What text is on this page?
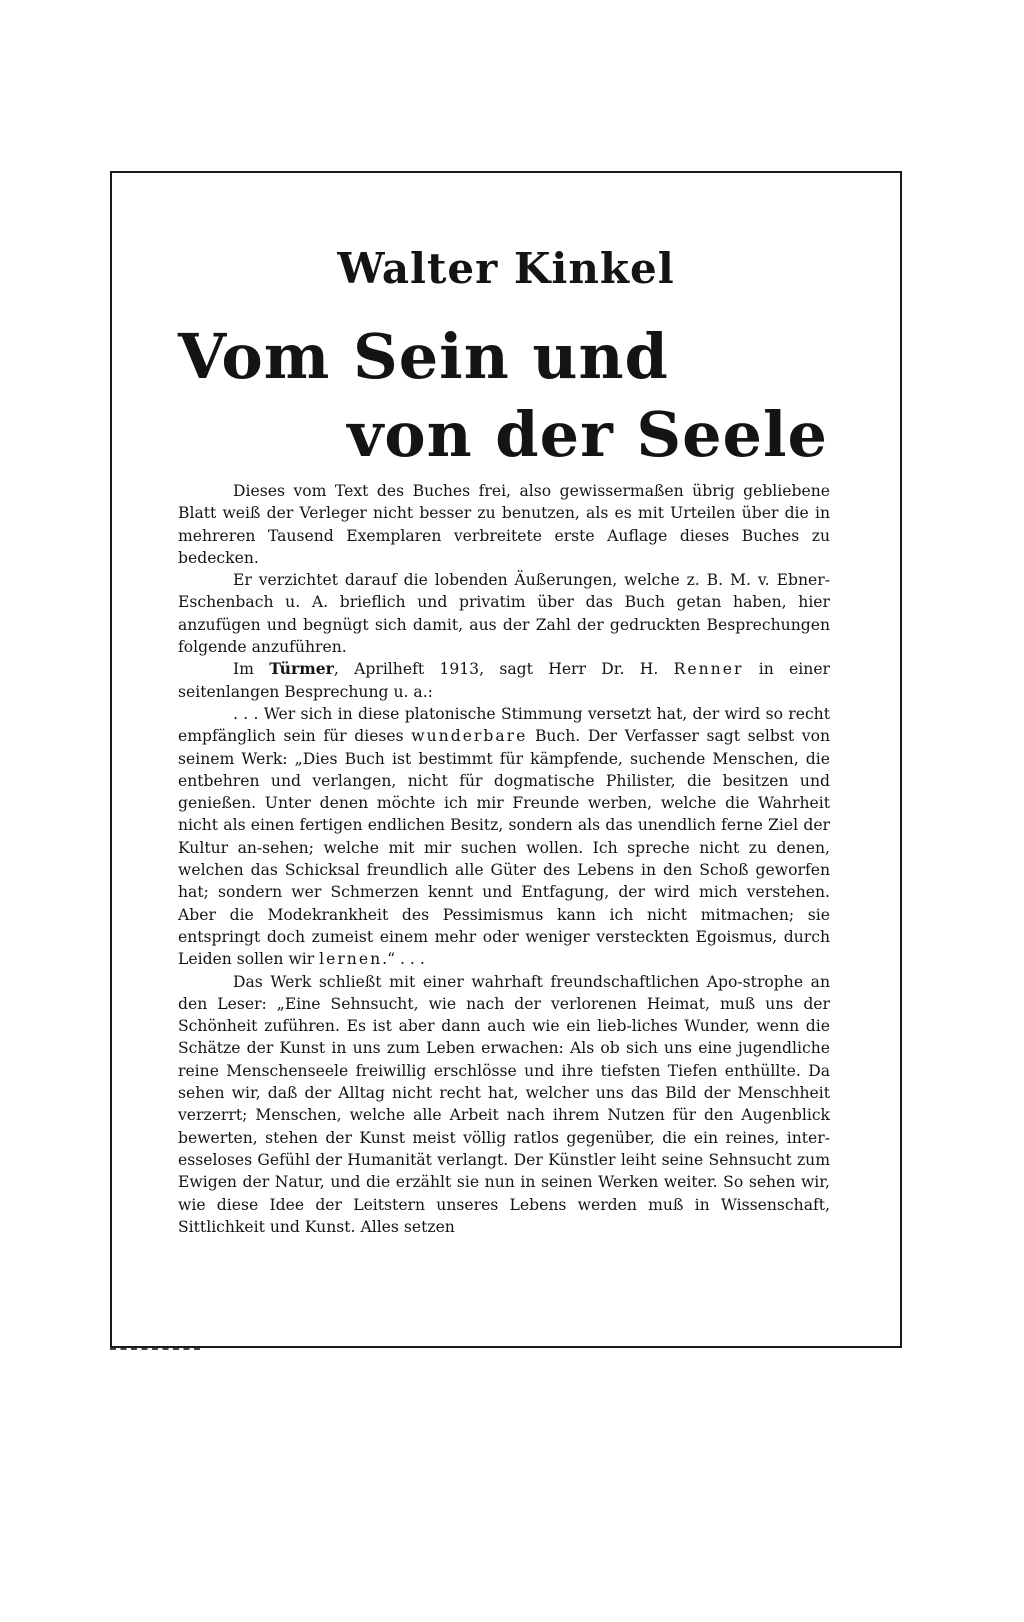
Walter Kinkel
Vom Sein und
von der Seele

Dieses vom Text des Buches frei, also gewissermaßen übrig gebliebene Blatt weiß der Verleger nicht besser zu benutzen, als es mit Urteilen über die in mehreren Tausend Exemplaren verbreitete erste Auflage dieses Buches zu bedecken.

Er verzichtet darauf die lobenden Äußerungen, welche z. B. M. v. Ebner-Eschenbach u. A. brieflich und privatim über das Buch getan haben, hier anzufügen und begnügt sich damit, aus der Zahl der gedruckten Besprechungen folgende anzuführen.

Im Türmer, Aprilheft 1913, sagt Herr Dr. H. Renner in einer seitenlangen Besprechung u. a.:

. . . Wer sich in diese platonische Stimmung versetzt hat, der wird so recht empfänglich sein für dieses wunderbare Buch. Der Verfasser sagt selbst von seinem Werk: „Dies Buch ist bestimmt für kämpfende, suchende Menschen, die entbehren und verlangen, nicht für dogmatische Philister, die besitzen und genießen. Unter denen möchte ich mir Freunde werben, welche die Wahrheit nicht als einen fertigen endlichen Besitz, sondern als das unendlich ferne Ziel der Kultur an-sehen; welche mit mir suchen wollen. Ich spreche nicht zu denen, welchen das Schicksal freundlich alle Güter des Lebens in den Schoß geworfen hat; sondern wer Schmerzen kennt und Entfagung, der wird mich verstehen. Aber die Modekrankheit des Pessimismus kann ich nicht mitmachen; sie entspringt doch zumeist einem mehr oder weniger versteckten Egoismus, durch Leiden sollen wir lernen.“ . . .

Das Werk schließt mit einer wahrhaft freundschaftlichen Apo-strophe an den Leser: „Eine Sehnsucht, wie nach der verlorenen Heimat, muß uns der Schönheit zuführen. Es ist aber dann auch wie ein lieb-liches Wunder, wenn die Schätze der Kunst in uns zum Leben erwachen: Als ob sich uns eine jugendliche reine Menschenseele freiwillig erschlösse und ihre tiefsten Tiefen enthüllte. Da sehen wir, daß der Alltag nicht recht hat, welcher uns das Bild der Menschheit verzerrt; Menschen, welche alle Arbeit nach ihrem Nutzen für den Augenblick bewerten, stehen der Kunst meist völlig ratlos gegenüber, die ein reines, inter-esseloses Gefühl der Humanität verlangt. Der Künstler leiht seine Sehnsucht zum Ewigen der Natur, und die erzählt sie nun in seinen Werken weiter. So sehen wir, wie diese Idee der Leitstern unseres Lebens werden muß in Wissenschaft, Sittlichkeit und Kunst. Alles setzen
